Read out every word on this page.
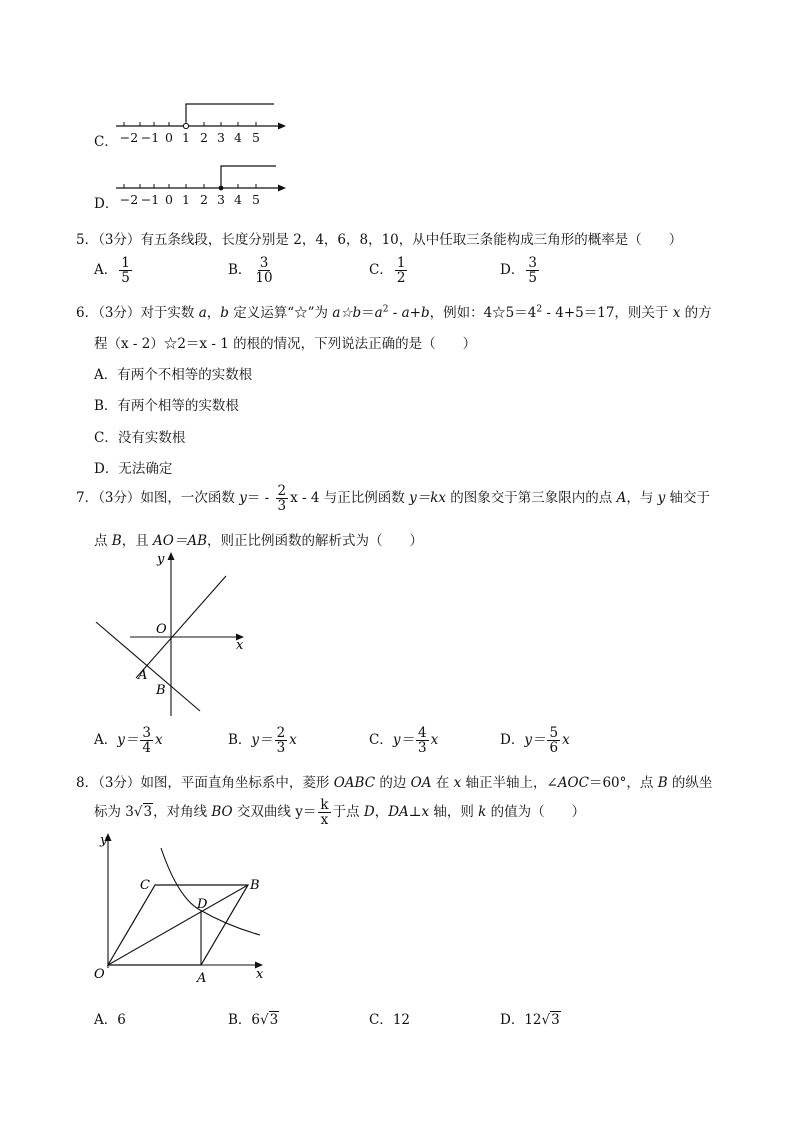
C． −2 −1 0 1 2 3 4 5
D． −2 −1 0 1 2 3 4 5
5．（3分）有五条线段，长度分别是 2，4，6，8，10，从中任取三条能构成三角形的概率是（　　）
A． $\frac{1}{5}$	B． $\frac{3}{10}$	C． $\frac{1}{2}$	D． $\frac{3}{5}$
6．（3分）对于实数 a，b 定义运算“☆”为 $a☆b=a^2 - a+b$，例如：$4☆5=4^2 - 4+5=17$，则关于 x 的方
程（x - 2）☆2＝x - 1 的根的情况，下列说法正确的是（　　）
A．有两个不相等的实数根
B．有两个相等的实数根
C．没有实数根
D．无法确定
7．（3分）如图，一次函数 $y= - \frac{2}{3}$ x - 4 与正比例函数 y＝kx 的图象交于第三象限内的点 A，与 y 轴交于
点 B，且 AO＝AB，则正比例函数的解析式为（　　）
O
y
x
A
B
A．$y= \frac{3}{4}$ x	B．$y= \frac{2}{3}$ x	C．$y= \frac{4}{3}$ x	D．$y= \frac{5}{6}$ x
8．（3分）如图，平面直角坐标系中，菱形 OABC 的边 OA 在 x 轴正半轴上，∠AOC＝60°，点 B 的纵坐
标为 3 √ 3 ，对角线 BO 交双曲线 $y= \frac{k}{x}$ 于点 D，DA⊥x 轴，则 k 的值为（　　）
y
x
O	A
B
C
D
A．6	B．6 √ 3	C．12	D．12 √ 3
